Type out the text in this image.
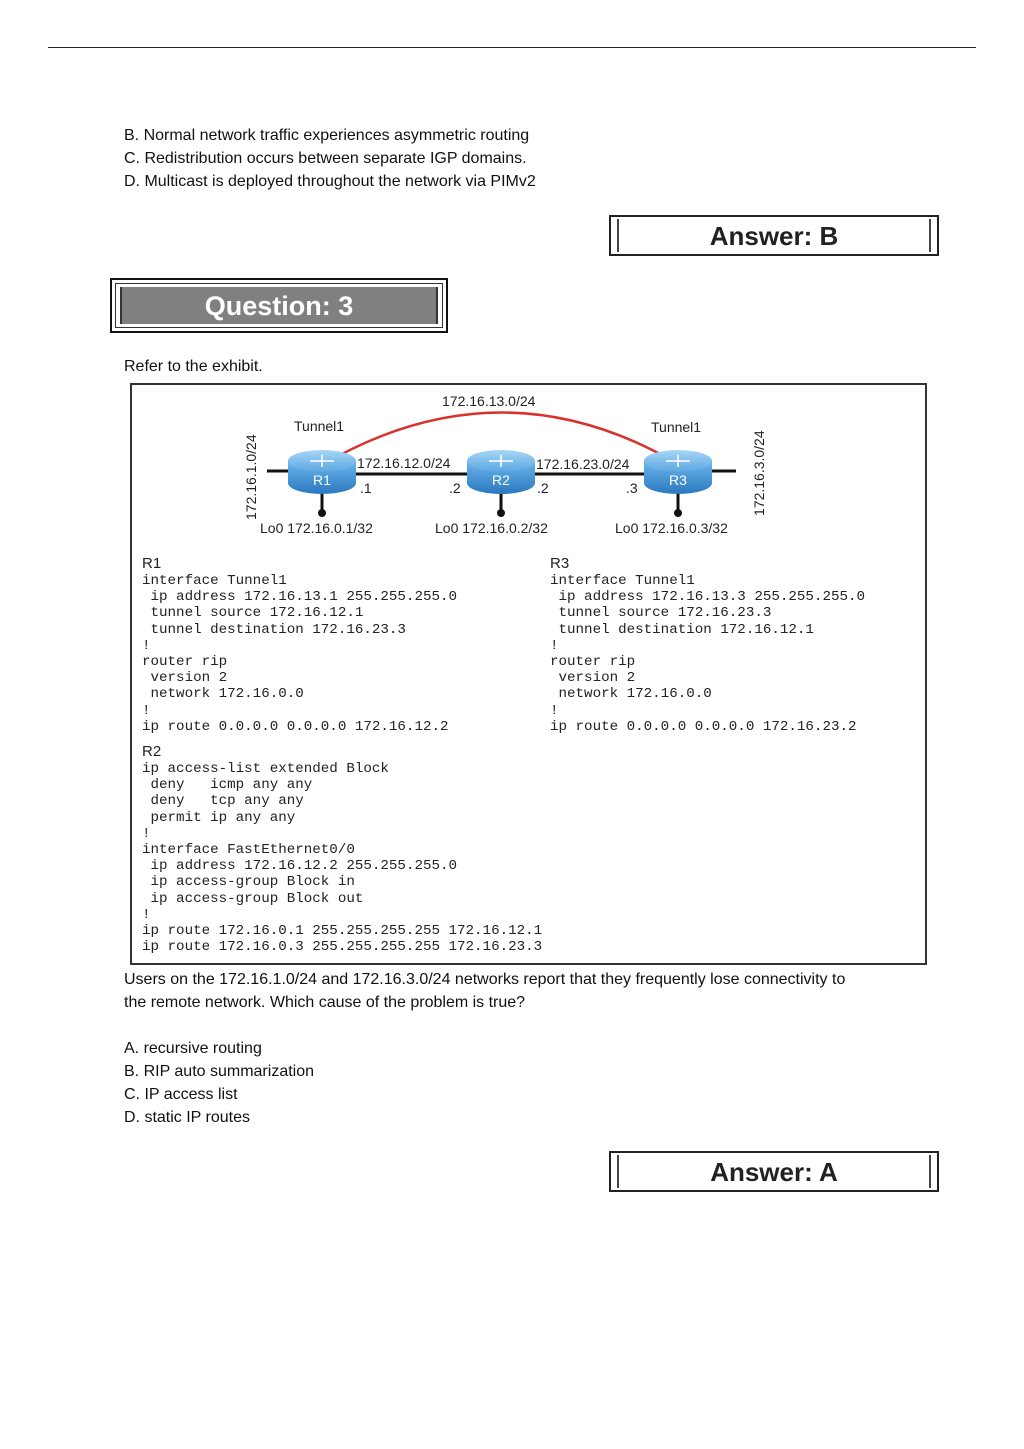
B. Normal network traffic experiences asymmetric routing
C. Redistribution occurs between separate IGP domains.
D. Multicast is deployed throughout the network via PIMv2
Answer: B
Question: 3
Refer to the exhibit.
172.16.13.0/24
Tunnel1	Tunnel1
172.16.1.0/24	172.16.3.0/24
172.16.12.0/24	172.16.23.0/24
.1	.2	.2	.3
R1	R2	R3
Lo0 172.16.0.1/32	Lo0 172.16.0.2/32	Lo0 172.16.0.3/32
R1
interface Tunnel1
ip address 172.16.13.1 255.255.255.0
tunnel source 172.16.12.1
tunnel destination 172.16.23.3
!
router rip
version 2
network 172.16.0.0
!
ip route 0.0.0.0 0.0.0.0 172.16.12.2
R3
interface Tunnel1
ip address 172.16.13.3 255.255.255.0
tunnel source 172.16.23.3
tunnel destination 172.16.12.1
!
router rip
version 2
network 172.16.0.0
!
ip route 0.0.0.0 0.0.0.0 172.16.23.2
R2
ip access-list extended Block
deny   icmp any any
deny   tcp any any
permit ip any any
!
interface FastEthernet0/0
ip address 172.16.12.2 255.255.255.0
ip access-group Block in
ip access-group Block out
!
ip route 172.16.0.1 255.255.255.255 172.16.12.1
ip route 172.16.0.3 255.255.255.255 172.16.23.3
Users on the 172.16.1.0/24 and 172.16.3.0/24 networks report that they frequently lose connectivity to
the remote network. Which cause of the problem is true?
A. recursive routing
B. RIP auto summarization
C. IP access list
D. static IP routes
Answer: A
